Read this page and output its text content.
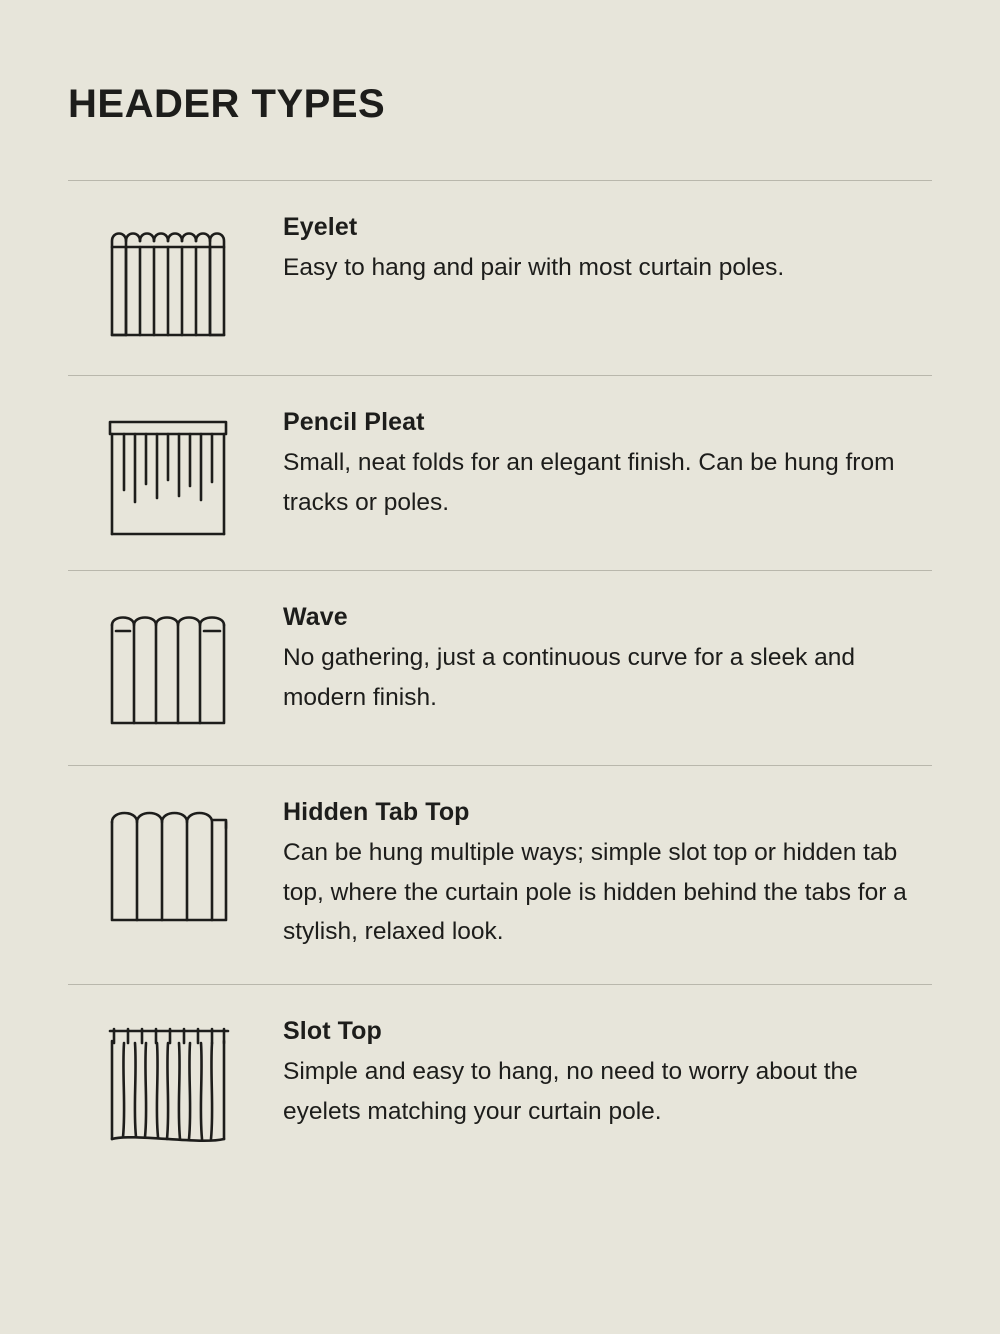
HEADER TYPES
Eyelet

Easy to hang and pair with most curtain poles.

Pencil Pleat

Small, neat folds for an elegant finish. Can be hung from tracks or poles.

Wave

No gathering, just a continuous curve for a sleek and modern finish.

Hidden Tab Top

Can be hung multiple ways; simple slot top or hidden tab top, where the curtain pole is hidden behind the tabs for a stylish, relaxed look.

Slot Top

Simple and easy to hang, no need to worry about the eyelets matching your curtain pole.
